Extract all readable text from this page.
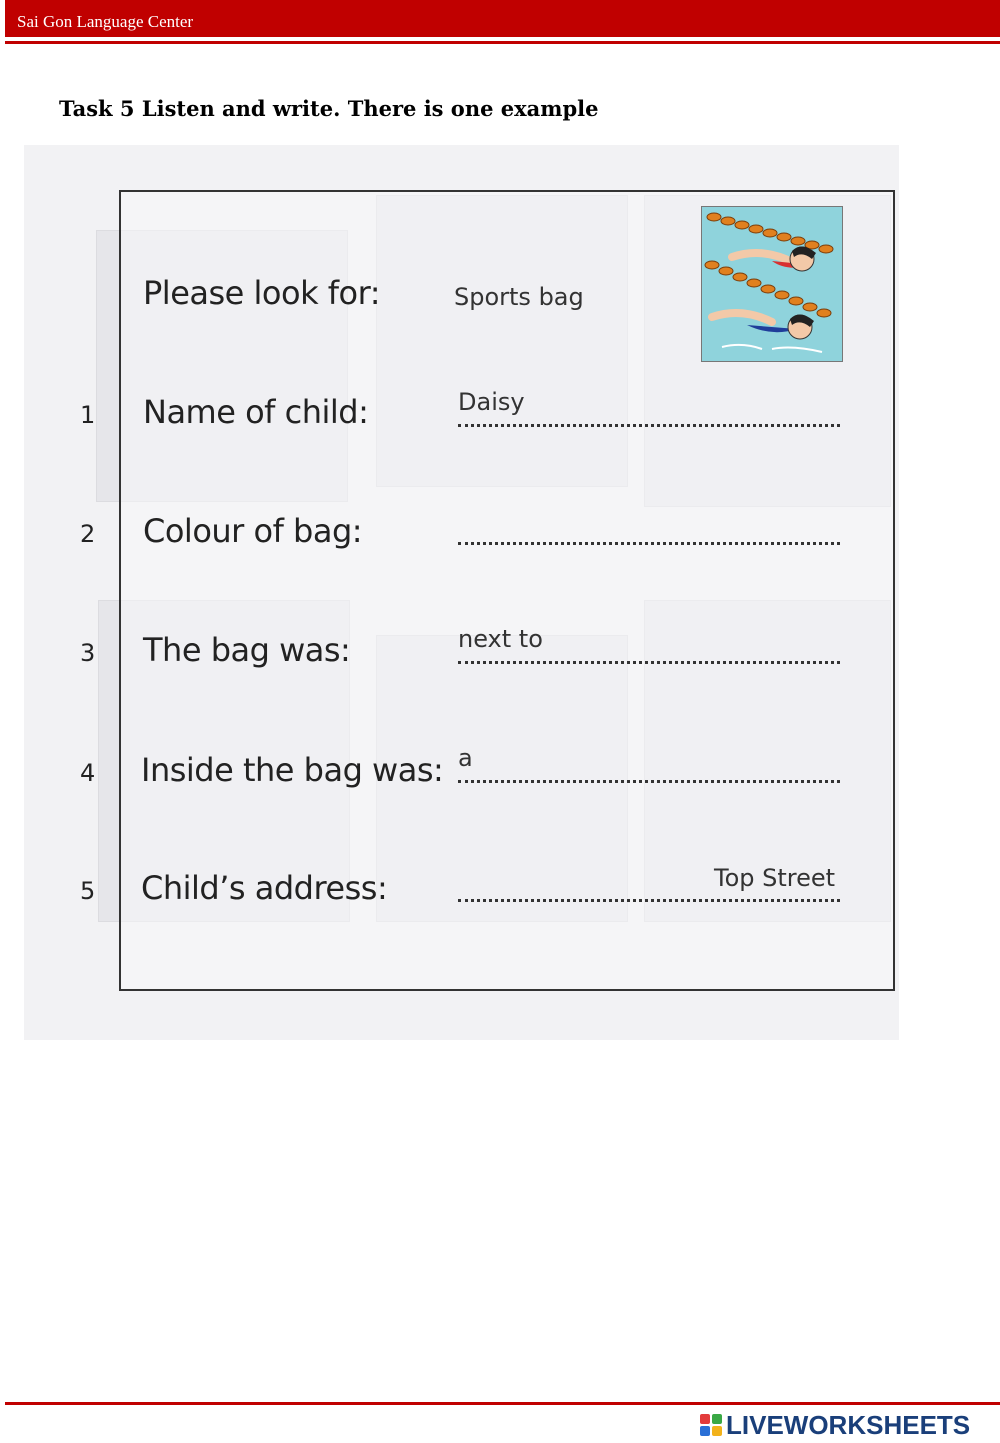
Sai Gon Language Center
Task 5 Listen and write. There is one example
Please look for:	Sports bag
1 Name of child:	Daisy
2 Colour of bag:
3 The bag was:	next to
4 Inside the bag was: a
5 Child’s address:	Top Street
LIVEWORKSHEETS
